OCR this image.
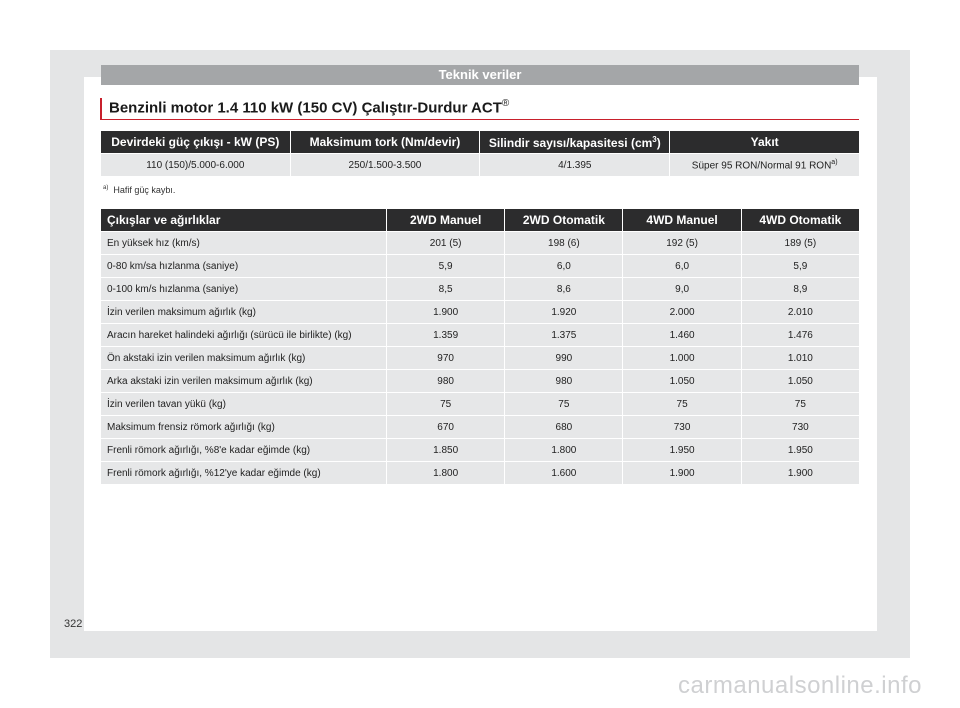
Teknik veriler
Benzinli motor 1.4 110 kW (150 CV) Çalıştır-Durdur ACT®
Devirdeki güç çıkışı - kW (PS)	Maksimum tork (Nm/devir)	Silindir sayısı/kapasitesi $(cm^3)$	Yakıt
110 (150)/5.000-6.000	250/1.500-3.500	4/1.395	Süper 95 RON/Normal 91 RON$^{a)}$
$^{a)}$ Hafif güç kaybı.
Çıkışlar ve ağırlıklar	2WD Manuel	2WD Otomatik	4WD Manuel	4WD Otomatik
En yüksek hız (km/s)	201 (5)	198 (6)	192 (5)	189 (5)
0-80 km/sa hızlanma (saniye)	5,9	6,0	6,0	5,9
0-100 km/s hızlanma (saniye)	8,5	8,6	9,0	8,9
İzin verilen maksimum ağırlık (kg)	1.900	1.920	2.000	2.010
Aracın hareket halindeki ağırlığı (sürücü ile birlikte) (kg)	1.359	1.375	1.460	1.476
Ön akstaki izin verilen maksimum ağırlık (kg)	970	990	1.000	1.010
Arka akstaki izin verilen maksimum ağırlık (kg)	980	980	1.050	1.050
İzin verilen tavan yükü (kg)	75	75	75	75
Maksimum frensiz römork ağırlığı (kg)	670	680	730	730
Frenli römork ağırlığı, %8'e kadar eğimde (kg)	1.850	1.800	1.950	1.950
Frenli römork ağırlığı, %12'ye kadar eğimde (kg)	1.800	1.600	1.900	1.900
322
carmanualsonline.info
